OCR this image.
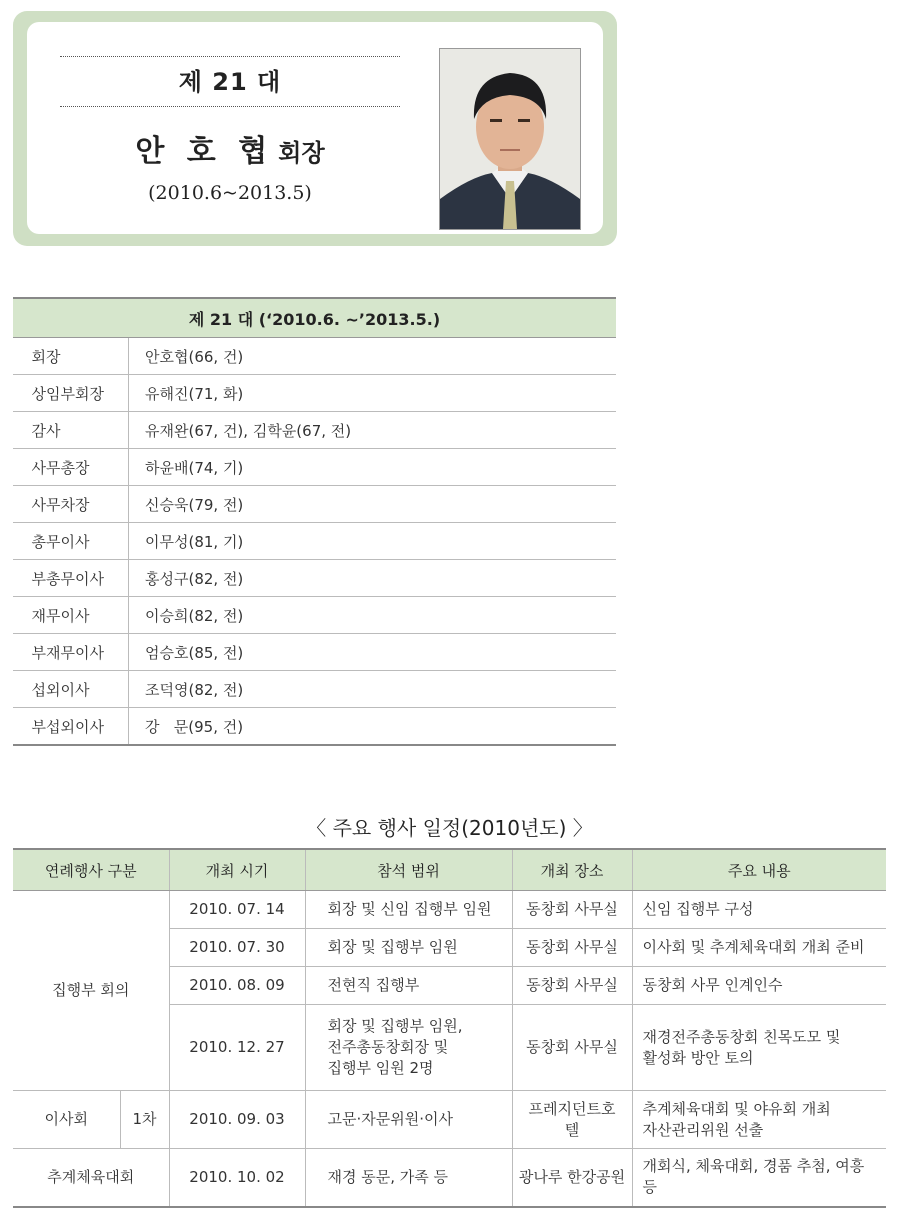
제 21 대
안 호 협 회장
(2010.6~2013.5)
제 21 대 (‘2010.6. ~’2013.5.)	
회장	안호협(66, 건)
상임부회장	유해진(71, 화)
감사	유재완(67, 건), 김학윤(67, 전)
사무총장	하윤배(74, 기)
사무차장	신승욱(79, 전)
총무이사	이무성(81, 기)
부총무이사	홍성구(82, 전)
재무이사	이승희(82, 전)
부재무이사	엄승호(85, 전)
섭외이사	조덕영(82, 전)
부섭외이사	강   문(95, 건)
〈 주요 행사 일정(2010년도) 〉
연례행사 구분		개최 시기	참석 범위	개최 장소	주요 내용
집행부 회의		2010. 07. 14	회장 및 신임 집행부 임원	동창회 사무실	신임 집행부 구성
		2010. 07. 30	회장 및 집행부 임원	동창회 사무실	이사회 및 추계체육대회 개최 준비
		2010. 08. 09	전현직 집행부	동창회 사무실	동창회 사무 인계인수
		2010. 12. 27	회장 및 집행부 임원,
전주총동창회장 및
집행부 임원 2명	동창회 사무실	재경전주총동창회 친목도모 및
활성화 방안 토의
이사회	1차	2010. 09. 03	고문·자문위원·이사	프레지던트호텔	추계체육대회 및 야유회 개최
자산관리위원 선출
추계체육대회		2010. 10. 02	재경 동문, 가족 등	광나루 한강공원	개회식, 체육대회, 경품 추첨, 여흥 등
